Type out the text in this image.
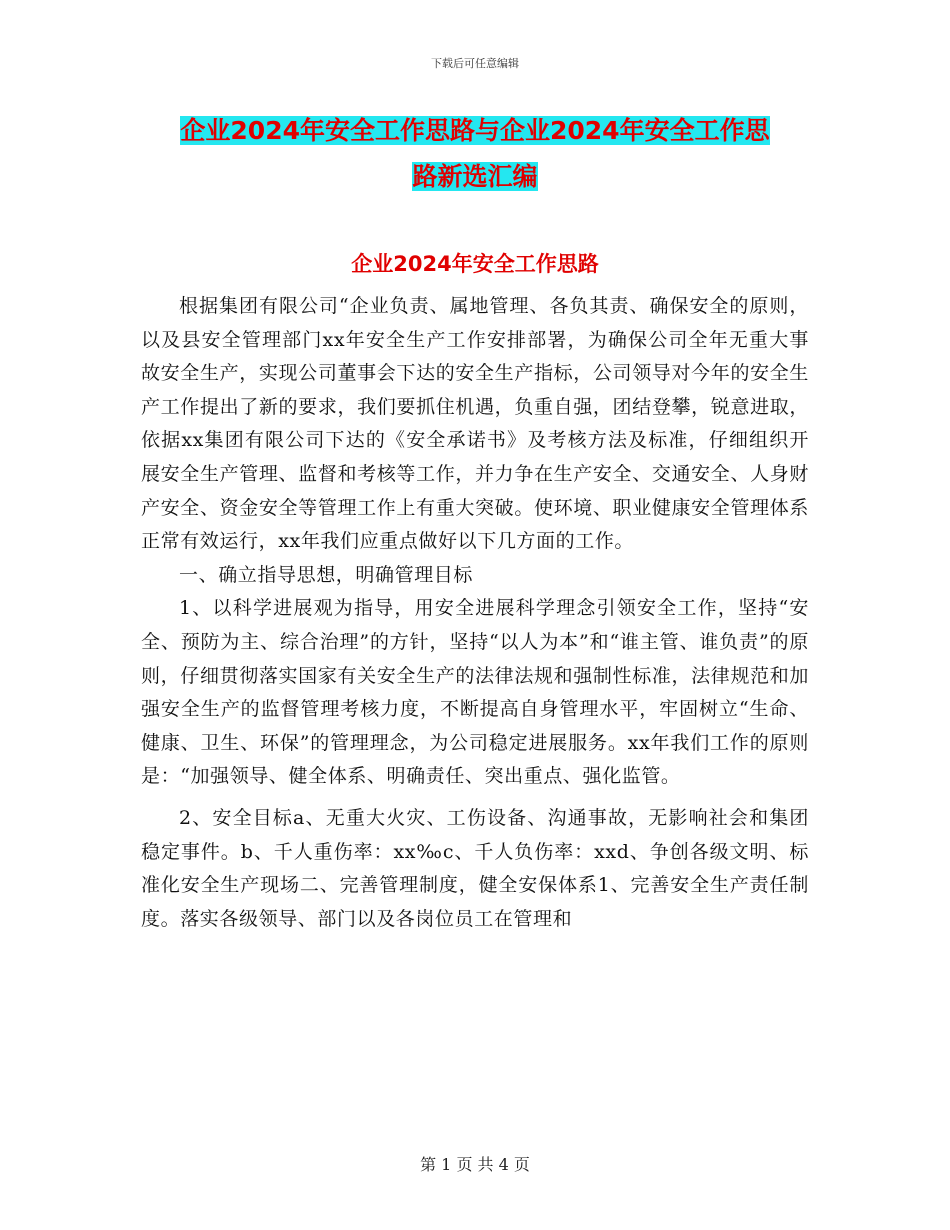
下载后可任意编辑
企业2024年安全工作思路与企业2024年安全工作思
路新选汇编
企业2024年安全工作思路

根据集团有限公司“企业负责、属地管理、各负其责、确保安全的原则，以及县安全管理部门xx年安全生产工作安排部署，为确保公司全年无重大事故安全生产，实现公司董事会下达的安全生产指标，公司领导对今年的安全生产工作提出了新的要求，我们要抓住机遇，负重自强，团结登攀，锐意进取，依据xx集团有限公司下达的《安全承诺书》及考核方法及标准，仔细组织开展安全生产管理、监督和考核等工作，并力争在生产安全、交通安全、人身财产安全、资金安全等管理工作上有重大突破。使环境、职业健康安全管理体系正常有效运行，xx年我们应重点做好以下几方面的工作。

一、确立指导思想，明确管理目标

1、以科学进展观为指导，用安全进展科学理念引领安全工作，坚持“安全、预防为主、综合治理”的方针，坚持“以人为本”和“谁主管、谁负责”的原则，仔细贯彻落实国家有关安全生产的法律法规和强制性标准，法律规范和加强安全生产的监督管理考核力度，不断提高自身管理水平，牢固树立“生命、健康、卫生、环保”的管理理念，为公司稳定进展服务。xx年我们工作的原则是：“加强领导、健全体系、明确责任、突出重点、强化监管。

2、安全目标a、无重大火灾、工伤设备、沟通事故，无影响社会和集团稳定事件。b、千人重伤率：xx‰c、千人负伤率：xxd、争创各级文明、标准化安全生产现场二、完善管理制度，健全安保体系1、完善安全生产责任制度。落实各级领导、部门以及各岗位员工在管理和

第 1 页 共 4 页
